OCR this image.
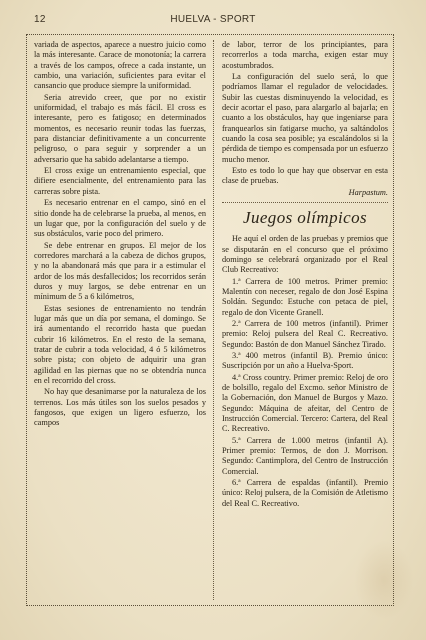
12	HUELVA - SPORT

variada de aspectos, aparece a nuestro juicio como la más interesante. Carace de monotonía; la carrera a través de los campos, ofrece a cada instante, un cambio, una variación, suficientes para evitar el cansancio que produce siempre la uniformidad.

Seria atrevido creer, que por no existir uniformidad, el trabajo es más fácil. El cross es interesante, pero es fatigoso; en determinados momentos, es necesario reunir todas las fuerzas, para distanciar definitivamente a un concurrente peligroso, o para seguir y sorprender a un adversario que ha sabido adelantarse a tiempo.

El cross exige un entrenamiento especial, que difiere esencialmente, del entrenamiento para las carreras sobre pista.

Es necesario entrenar en el campo, sinó en el sitio donde ha de celebrarse la prueba, al menos, en un lugar que, por la configuración del suelo y de sus obstáculos, varie poco del primero.

Se debe entrenar en grupos. El mejor de los corredores marchará a la cabeza de dichos grupos, y no la abandonará más que para ir a estimular el ardor de los más desfallecidos; los recorridos serán duros y muy largos, se debe entrenar en un mínimum de 5 a 6 kilómetros,

Estas sesiones de entrenamiento no tendrán lugar más que un día por semana, el domingo. Se irá aumentando el recorrido hasta que puedan cubrir 16 kilómetros. En el resto de la semana, tratar de cubrir a toda velocidad, 4 ó 5 kilómetros sobre pista; con objeto de adquirir una gran agilidad en las piernas que no se obtendría nunca en el recorrido del cross.

No hay que desanimarse por la naturaleza de los terrenos. Los más útiles son los suelos pesados y fangosos, que exigen un ligero esfuerzo, los campos

de labor, terror de los principiantes, para recorrerlos a toda marcha, exigen estar muy acostumbrados.

La configuración del suelo será, lo que podríamos llamar el regulador de velocidades. Subir las cuestas disminuyendo la velocidad, es decir acortar el paso, para alargarlo al bajarla; en cuanto a los obstáculos, hay que ingeniarse para franquearlos sin fatigarse mucho, ya saltándolos cuando la cosa sea posible; ya escalándolos si la pérdida de tiempo es compensada por un esfuerzo mucho menor.

Esto es todo lo que hay que observar en esta clase de pruebas.

Harpastum.

Juegos olímpicos

He aquí el orden de las pruebas y premios que se disputarán en el concurso que el próximo domingo se celebrará organizado por el Real Club Recreativo:

1.ª Carrera de 100 metros. Primer premio: Malentín con neceser, regalo de don José Espina Soldán. Segundo: Estuche con petaca de piel, regalo de don Vicente Granell.

2.ª Carrera de 100 metros (infantil). Primer premio: Reloj pulsera del Real C. Recreativo. Segundo: Bastón de don Manuel Sánchez Tirado.

3.ª 400 metros (infantil B). Premio único: Suscripción por un año a Huelva-Sport.

4.ª Cross country. Primer premio: Reloj de oro de bolsillo, regalo del Excmo. señor Ministro de la Gobernación, don Manuel de Burgos y Mazo. Segundo: Máquina de afeitar, del Centro de Instrucción Comercial. Tercero: Cartera, del Real C. Recreativo.

5.ª Carrera de 1.000 metros (infantil A). Primer premio: Termos, de don J. Morrison. Segundo: Cantimplora, del Centro de Instrucción Comercial.

6.ª Carrera de espaldas (infantil). Premio único: Reloj pulsera, de la Comisión de Atletismo del Real C. Recreativo.
